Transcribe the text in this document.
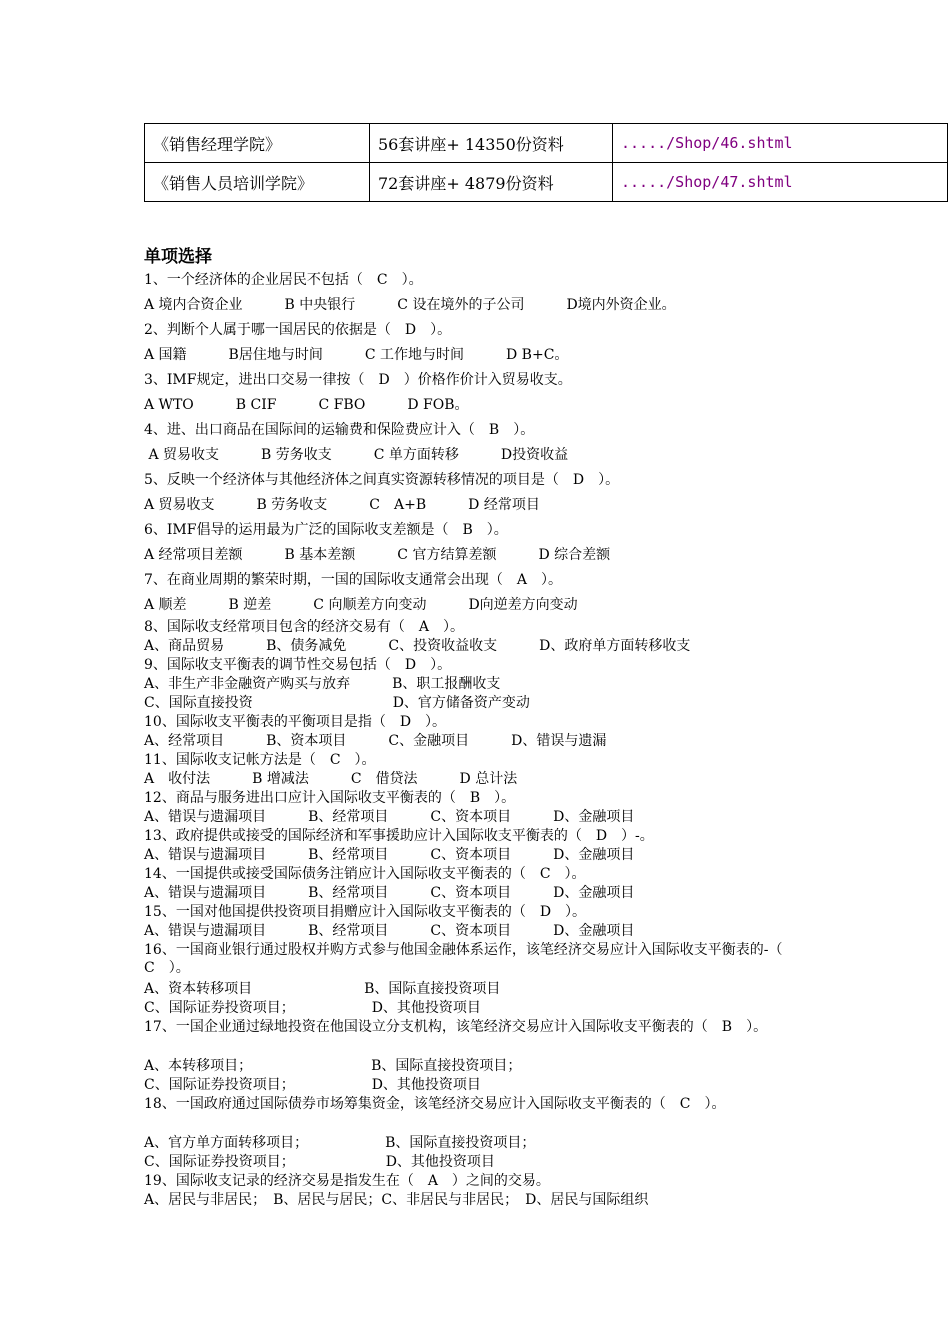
《销售经理学院》	56套讲座+ 14350份资料	...../Shop/46.shtml
《销售人员培训学院》	72套讲座+ 4879份资料	...../Shop/47.shtml
单项选择
1、一个经济体的企业居民不包括（　C　）。
A 境内合资企业　　　B 中央银行　　　C 设在境外的子公司　　　D境内外资企业。
2、判断个人属于哪一国居民的依据是（　D　）。
A 国籍　　　B居住地与时间　　　C 工作地与时间　　　D B+C。
3、IMF规定，进出口交易一律按（　D　）价格作价计入贸易收支。
A WTO　　　B CIF　　　C FBO　　　D FOB。
4、进、出口商品在国际间的运输费和保险费应计入（　B　）。
A 贸易收支　　　B 劳务收支　　　C 单方面转移　　　D投资收益
5、反映一个经济体与其他经济体之间真实资源转移情况的项目是（　D　）。
A 贸易收支　　　B 劳务收支　　　C　A+B　　　D 经常项目
6、IMF倡导的运用最为广泛的国际收支差额是（　B　）。
A 经常项目差额　　　B 基本差额　　　C 官方结算差额　　　D 综合差额
7、在商业周期的繁荣时期，一国的国际收支通常会出现（　A　）。
A 顺差　　　B 逆差　　　C 向顺差方向变动　　　D向逆差方向变动
8、国际收支经常项目包含的经济交易有（　A　）。
A、商品贸易　　　B、债务减免　　　C、投资收益收支　　　D、政府单方面转移收支
9、国际收支平衡表的调节性交易包括（　D　）。
A、非生产非金融资产购买与放弃　　　B、职工报酬收支
C、国际直接投资　　　　　　　　　　D、官方储备资产变动
10、国际收支平衡表的平衡项目是指（　D　）。
A、经常项目　　　B、资本项目　　　C、金融项目　　　D、错误与遗漏
11、国际收支记帐方法是（　C　）。
A　收付法　　　B 增减法　　　C　借贷法　　　D 总计法
12、商品与服务进出口应计入国际收支平衡表的（　B　）。
A、错误与遗漏项目　　　B、经常项目　　　C、资本项目　　　D、金融项目
13、政府提供或接受的国际经济和军事援助应计入国际收支平衡表的（　D　）-。
A、错误与遗漏项目　　　B、经常项目　　　C、资本项目　　　D、金融项目
14、一国提供或接受国际债务注销应计入国际收支平衡表的（　C　）。
A、错误与遗漏项目　　　B、经常项目　　　C、资本项目　　　D、金融项目
15、一国对他国提供投资项目捐赠应计入国际收支平衡表的（　D　）。
A、错误与遗漏项目　　　B、经常项目　　　C、资本项目　　　D、金融项目
16、一国商业银行通过股权并购方式参与他国金融体系运作，该笔经济交易应计入国际收支平衡表的-（　C　）。
A、资本转移项目　　　　　　　　B、国际直接投资项目
C、国际证券投资项目；　　　　　　D、其他投资项目
17、一国企业通过绿地投资在他国设立分支机构，该笔经济交易应计入国际收支平衡表的（　B　）。
A、本转移项目；　　　　　　　　　B、国际直接投资项目；
C、国际证券投资项目；　　　　　　D、其他投资项目
18、一国政府通过国际债券市场筹集资金，该笔经济交易应计入国际收支平衡表的（　C　）。
A、官方单方面转移项目；　　　　　　B、国际直接投资项目；
C、国际证券投资项目；　　　　　　　D、其他投资项目
19、国际收支记录的经济交易是指发生在（　A　）之间的交易。
A、居民与非居民；　B、居民与居民；C、非居民与非居民；　D、居民与国际组织
